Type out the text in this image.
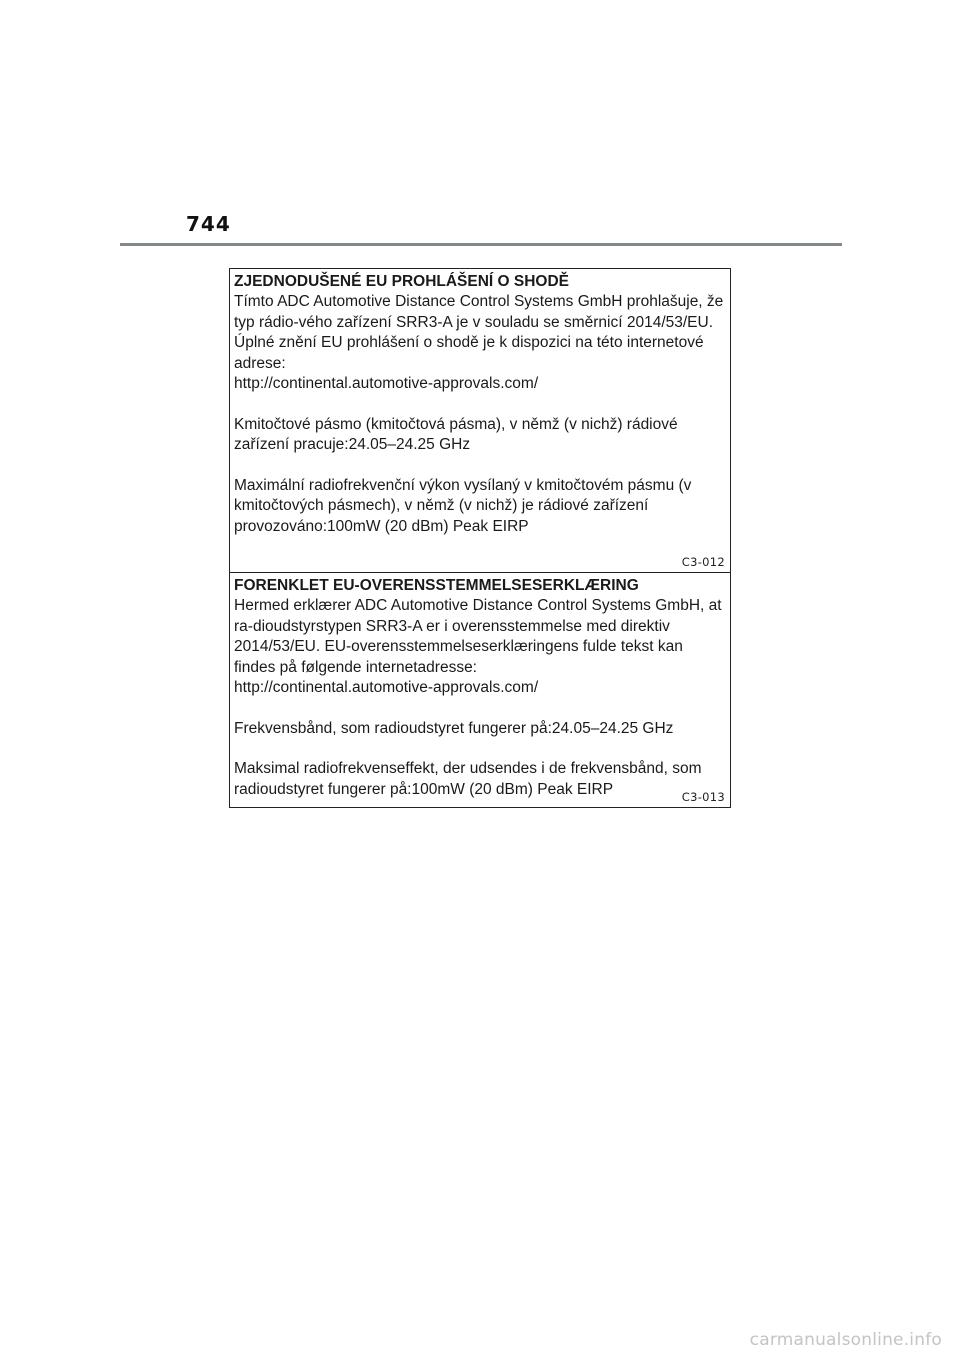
744

ZJEDNODUŠENÉ EU PROHLÁŠENÍ O SHODĚ

Tímto ADC Automotive Distance Control Systems GmbH prohlašuje, že typ rádio-vého zařízení SRR3-A je v souladu se směrnicí 2014/53/EU. Úplné znění EU prohlášení o shodě je k dispozici na této internetové adrese:

http://continental.automotive-approvals.com/

Kmitočtové pásmo (kmitočtová pásma), v němž (v nichž) rádiové zařízení pracuje:24.05–24.25 GHz

Maximální radiofrekvenční výkon vysílaný v kmitočtovém pásmu (v kmitočtových pásmech), v němž (v nichž) je rádiové zařízení provozováno:100mW (20 dBm) Peak EIRP

C3-012

FORENKLET EU-OVERENSSTEMMELSESERKLÆRING

Hermed erklærer ADC Automotive Distance Control Systems GmbH, at ra-dioudstyrstypen SRR3-A er i overensstemmelse med direktiv 2014/53/EU. EU-overensstemmelseserklæringens fulde tekst kan findes på følgende internetadresse:

http://continental.automotive-approvals.com/

Frekvensbånd, som radioudstyret fungerer på:24.05–24.25 GHz

Maksimal radiofrekvenseffekt, der udsendes i de frekvensbånd, som radioudstyret fungerer på:100mW (20 dBm) Peak EIRP	C3-013
carmanualsonline.info
